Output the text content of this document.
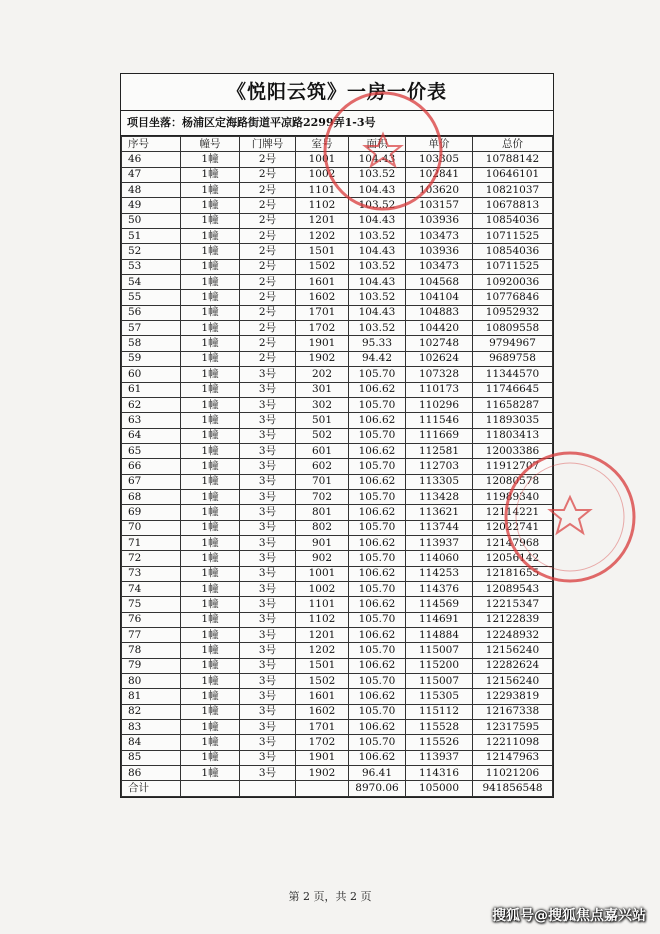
《悦阳云筑》一房一价表
项目坐落：杨浦区定海路街道平凉路2299弄1-3号
序号	幢号	门牌号	室号	面积	单价	总价
46	1幢	2号	1001	104.43	103305	10788142
47	1幢	2号	1002	103.52	102841	10646101
48	1幢	2号	1101	104.43	103620	10821037
49	1幢	2号	1102	103.52	103157	10678813
50	1幢	2号	1201	104.43	103936	10854036
51	1幢	2号	1202	103.52	103473	10711525
52	1幢	2号	1501	104.43	103936	10854036
53	1幢	2号	1502	103.52	103473	10711525
54	1幢	2号	1601	104.43	104568	10920036
55	1幢	2号	1602	103.52	104104	10776846
56	1幢	2号	1701	104.43	104883	10952932
57	1幢	2号	1702	103.52	104420	10809558
58	1幢	2号	1901	95.33	102748	9794967
59	1幢	2号	1902	94.42	102624	9689758
60	1幢	3号	202	105.70	107328	11344570
61	1幢	3号	301	106.62	110173	11746645
62	1幢	3号	302	105.70	110296	11658287
63	1幢	3号	501	106.62	111546	11893035
64	1幢	3号	502	105.70	111669	11803413
65	1幢	3号	601	106.62	112581	12003386
66	1幢	3号	602	105.70	112703	11912707
67	1幢	3号	701	106.62	113305	12080578
68	1幢	3号	702	105.70	113428	11989340
69	1幢	3号	801	106.62	113621	12114221
70	1幢	3号	802	105.70	113744	12022741
71	1幢	3号	901	106.62	113937	12147968
72	1幢	3号	902	105.70	114060	12056142
73	1幢	3号	1001	106.62	114253	12181655
74	1幢	3号	1002	105.70	114376	12089543
75	1幢	3号	1101	106.62	114569	12215347
76	1幢	3号	1102	105.70	114691	12122839
77	1幢	3号	1201	106.62	114884	12248932
78	1幢	3号	1202	105.70	115007	12156240
79	1幢	3号	1501	106.62	115200	12282624
80	1幢	3号	1502	105.70	115007	12156240
81	1幢	3号	1601	106.62	115305	12293819
82	1幢	3号	1602	105.70	115112	12167338
83	1幢	3号	1701	106.62	115528	12317595
84	1幢	3号	1702	105.70	115526	12211098
85	1幢	3号	1901	106.62	113937	12147963
86	1幢	3号	1902	96.41	114316	11021206
合计				8970.06	105000	941856548
第 2 页，共 2 页
搜狐号@搜狐焦点嘉兴站
